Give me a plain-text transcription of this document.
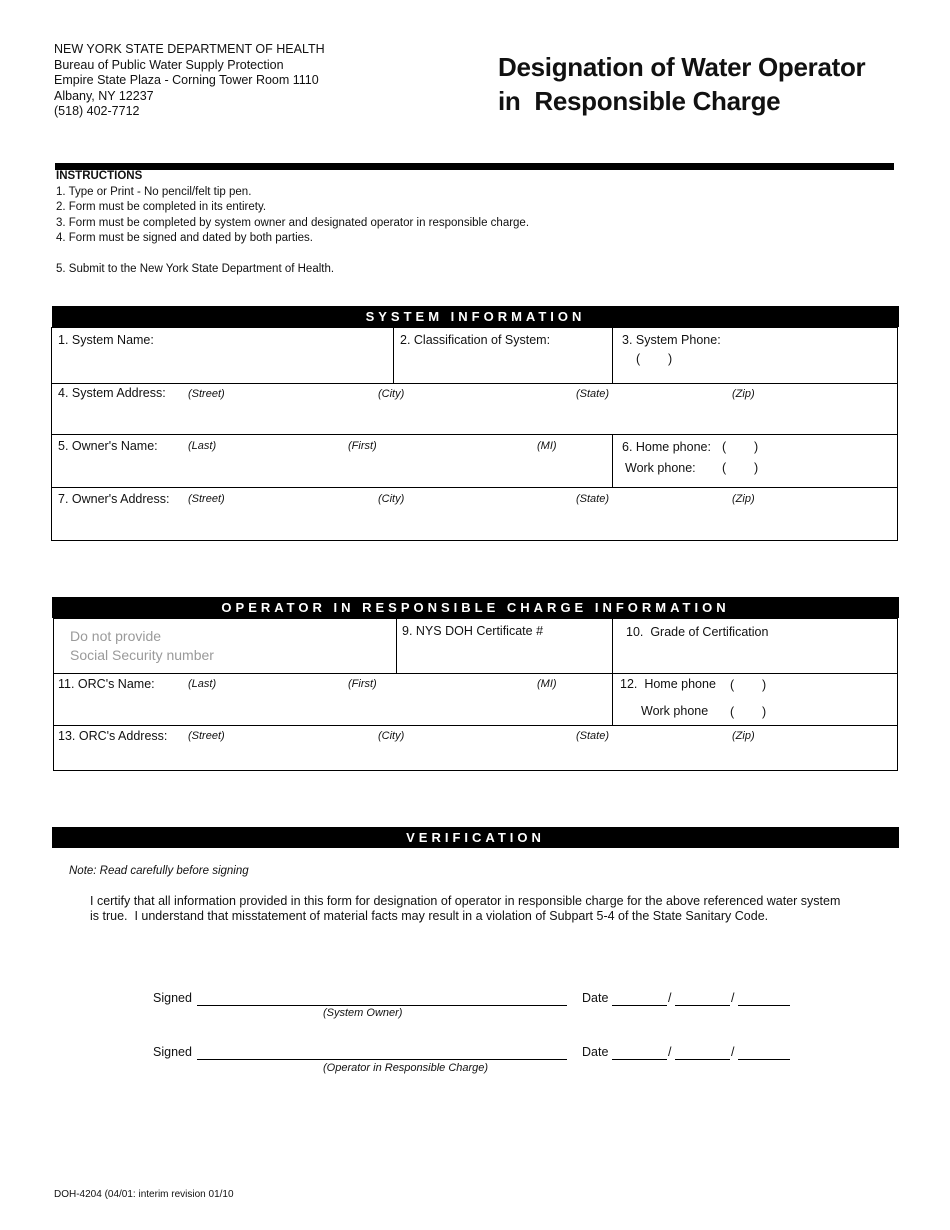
NEW YORK STATE DEPARTMENT OF HEALTH
Bureau of Public Water Supply Protection
Empire State Plaza - Corning Tower Room 1110
Albany, NY 12237
(518) 402-7712
Designation of Water Operator
in  Responsible Charge
INSTRUCTIONS
1. Type or Print - No pencil/felt tip pen.
2. Form must be completed in its entirety.
3. Form must be completed by system owner and designated operator in responsible charge.
4. Form must be signed and dated by both parties.
5. Submit to the New York State Department of Health.
SYSTEM INFORMATION
1. System Name:	2. Classification of System:	3. System Phone:
(        )
4. System Address: (Street)	(City)	(State)	(Zip)
5. Owner's Name:	(Last)	(First)	(MI)	6. Home phone: (        )
Work phone: (        )
7. Owner's Address: (Street)	(City)	(State)	(Zip)
OPERATOR IN RESPONSIBLE CHARGE INFORMATION
Do not provide
Social Security number
9. NYS DOH Certificate #	10.  Grade of Certification
11. ORC's Name:	(Last)	(First)	(MI)	12.  Home phone (        )
Work phone (        )
13. ORC's Address: (Street)	(City)	(State)	(Zip)
VERIFICATION
Note: Read carefully before signing
I certify that all information provided in this form for designation of operator in responsible charge for the above referenced water system
is true.  I understand that misstatement of material facts may result in a violation of Subpart 5-4 of the State Sanitary Code.
Signed
(System Owner)
Date	/	/
Signed
(Operator in Responsible Charge)
Date	/	/
DOH-4204 (04/01: interim revision 01/10
